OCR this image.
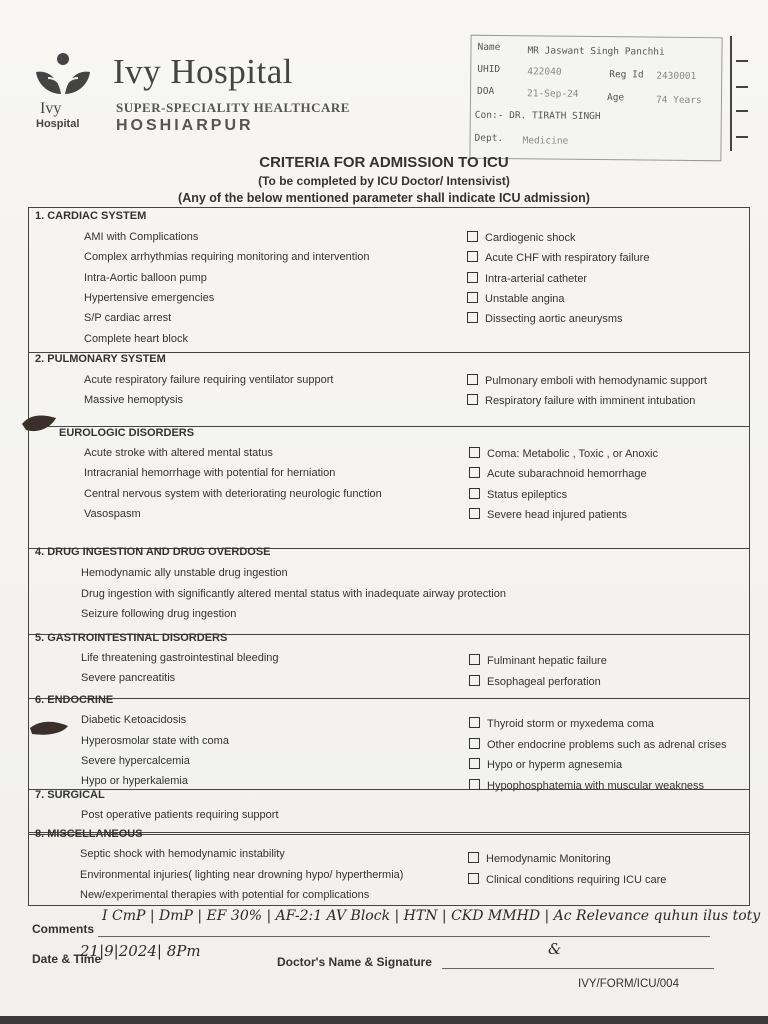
Ivy
Hospital
Ivy Hospital
SUPER-SPECIALITY HEALTHCARE
HOSHIARPUR
Name	MR Jaswant Singh Panchhi
UHID	422040	Reg Id 2430001
DOA	21-Sep-24	Age	74 Years
Con:- DR. TIRATH SINGH
Dept. Medicine
CRITERIA FOR ADMISSION TO ICU
(To be completed by ICU Doctor/ Intensivist)
(Any of the below mentioned parameter shall indicate ICU admission)
1. CARDIAC SYSTEM
AMI with Complications
Complex arrhythmias requiring monitoring and intervention
Intra-Aortic balloon pump
Hypertensive emergencies
S/P cardiac arrest
Complete heart block
Cardiogenic shock
Acute CHF with respiratory failure
Intra-arterial catheter
Unstable angina
Dissecting aortic aneurysms
2. PULMONARY SYSTEM
Acute respiratory failure requiring ventilator support
Massive hemoptysis
Pulmonary emboli with hemodynamic support
Respiratory failure with imminent intubation
EUROLOGIC DISORDERS
Acute stroke with altered mental status
Intracranial hemorrhage with potential for herniation
Central nervous system with deteriorating neurologic function
Vasospasm
Coma: Metabolic , Toxic , or Anoxic
Acute subarachnoid hemorrhage
Status epileptics
Severe head injured patients
4. DRUG INGESTION AND DRUG OVERDOSE
Hemodynamic ally unstable drug ingestion
Drug ingestion with significantly altered mental status with inadequate airway protection
Seizure following drug ingestion
5. GASTROINTESTINAL DISORDERS
Life threatening gastrointestinal bleeding
Severe pancreatitis
Fulminant hepatic failure
Esophageal perforation
6. ENDOCRINE
Diabetic Ketoacidosis
Hyperosmolar state with coma
Severe hypercalcemia
Hypo or hyperkalemia
Thyroid storm or myxedema coma
Other endocrine problems such as adrenal crises
Hypo or hyperm agnesemia
Hypophosphatemia with muscular weakness
7. SURGICAL
Post operative patients requiring support
8. MISCELLANEOUS
Septic shock with hemodynamic instability
Environmental injuries( lighting near drowning hypo/ hyperthermia)
New/experimental therapies with potential for complications
Hemodynamic Monitoring
Clinical conditions requiring ICU care
Comments
I CmP | DmP | EF 30% | AF-2:1 AV Block | HTN | CKD MMHD | Ac Relevance quhun ilus toty
Date & Time
21|9|2024| 8Pm
Doctor's Name & Signature
&
IVY/FORM/ICU/004
